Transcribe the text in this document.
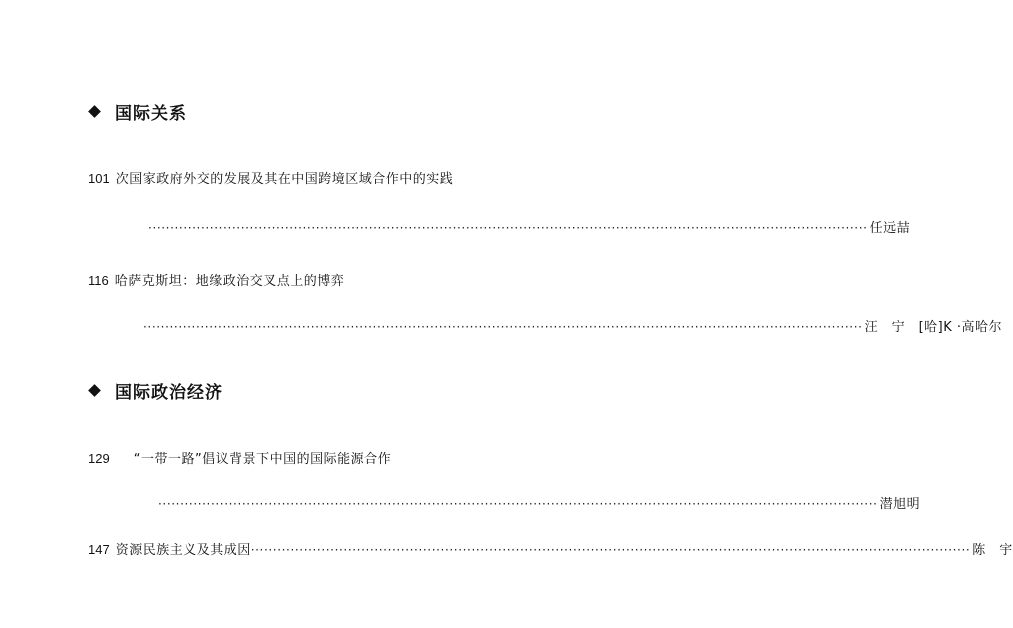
国际关系
101 次国家政府外交的发展及其在中国跨境区域合作中的实践
··································································································································································· 任远喆
116 哈萨克斯坦：地缘政治交叉点上的博弈
··································································································································································· 汪　宁　[哈]K ·高哈尔
国际政治经济
129 “一带一路”倡议背景下中国的国际能源合作
··································································································································································· 潜旭明
147 资源民族主义及其成因 ··································································································································································· 陈　宇
